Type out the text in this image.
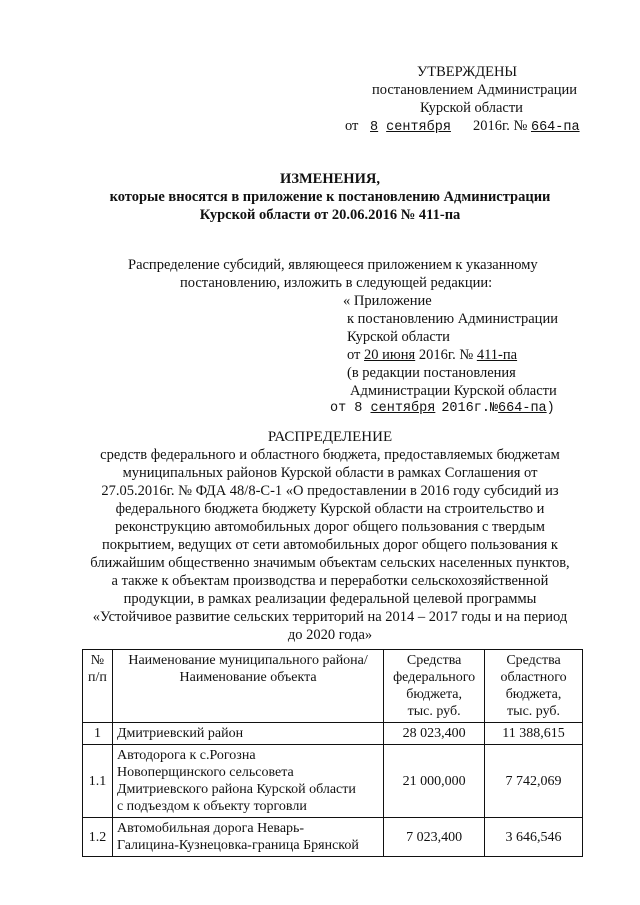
УТВЕРЖДЕНЫ
постановлением Администрации
Курской области
от 8 сентября 2016г. № 664-па
ИЗМЕНЕНИЯ,
которые вносятся в приложение к постановлению Администрации
Курской области от 20.06.2016 № 411-па
Распределение субсидий, являющееся приложением к указанному
постановлению, изложить в следующей редакции:
« Приложение
к постановлению Администрации
Курской области
от 20 июня 2016г. № 411-па
(в редакции постановления
Администрации Курской области
от 8 сентября 2016г.№664-па)
РАСПРЕДЕЛЕНИЕ
средств федерального и областного бюджета, предоставляемых бюджетам
муниципальных районов Курской области в рамках Соглашения от
27.05.2016г. № ФДА 48/8-С-1 «О предоставлении в 2016 году субсидий из
федерального бюджета бюджету Курской области на строительство и
реконструкцию автомобильных дорог общего пользования с твердым
покрытием, ведущих от сети автомобильных дорог общего пользования к
ближайшим общественно значимым объектам сельских населенных пунктов,
а также к объектам производства и переработки сельскохозяйственной
продукции, в рамках реализации федеральной целевой программы
«Устойчивое развитие сельских территорий на 2014 – 2017 годы и на период
до 2020 года»
№
п/п	Наименование муниципального района/
Наименование объекта	Средства
федерального
бюджета,
тыс. руб.	Средства
областного
бюджета,
тыс. руб.
1	Дмитриевский район	28 023,400	11 388,615
1.1	Автодорога к с.Рогозна
Новоперщинского сельсовета
Дмитриевского района Курской области
с подъездом к объекту торговли	21 000,000	7 742,069
1.2	Автомобильная дорога Неварь-
Галицина-Кузнецовка-граница Брянской	7 023,400	3 646,546
